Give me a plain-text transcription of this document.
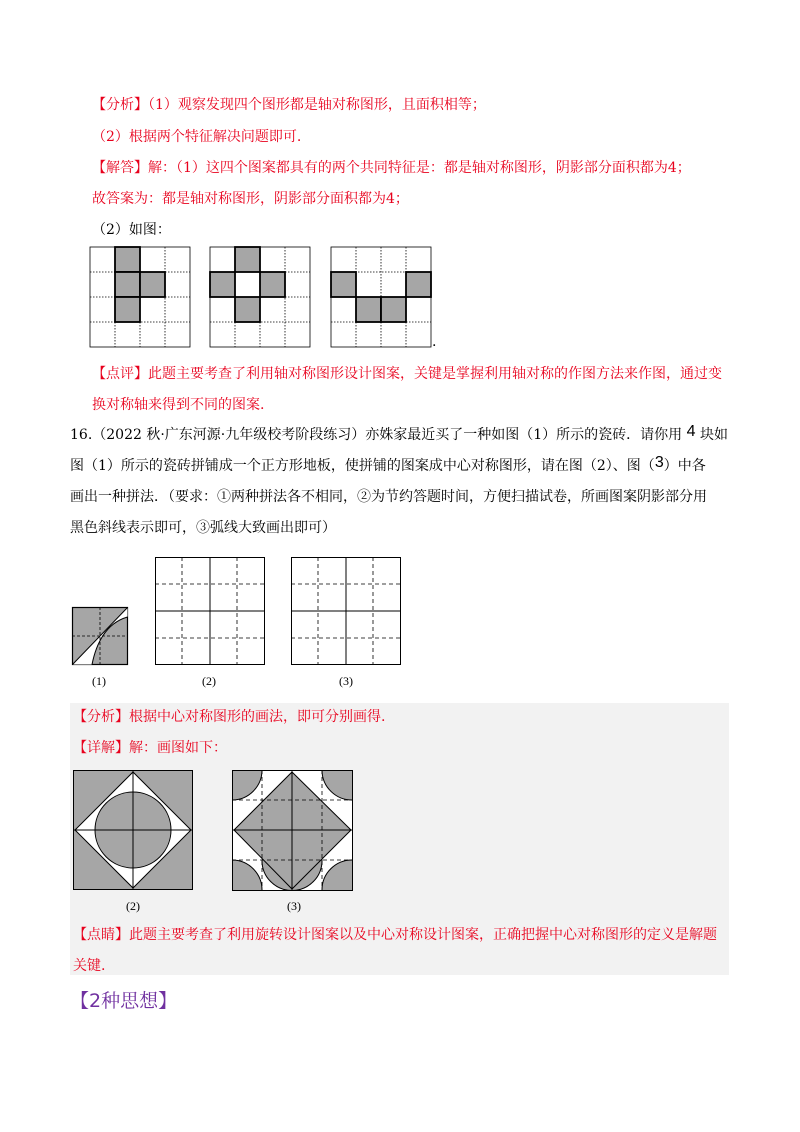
【分析】（1）观察发现四个图形都是轴对称图形，且面积相等；
（2）根据两个特征解决问题即可.
【解答】解：（1）这四个图案都具有的两个共同特征是：都是轴对称图形，阴影部分面积都为4；
故答案为：都是轴对称图形，阴影部分面积都为4；
（2）如图：
.
【点评】此题主要考查了利用轴对称图形设计图案，关键是掌握利用轴对称的作图方法来作图，通过变
换对称轴来得到不同的图案.
16.（2022 秋·广东河源·九年级校考阶段练习）亦姝家最近买了一种如图（1）所示的瓷砖．请你用 4 块如
图（1）所示的瓷砖拼铺成一个正方形地板，使拼铺的图案成中心对称图形，请在图（2）、图（3）中各
画出一种拼法．（要求：①两种拼法各不相同，②为节约答题时间，方便扫描试卷，所画图案阴影部分用
黑色斜线表示即可，③弧线大致画出即可）
(1)	(2)	(3)
【分析】根据中心对称图形的画法，即可分别画得.
【详解】解：画图如下：
(2)	(3)
【点睛】此题主要考查了利用旋转设计图案以及中心对称设计图案，正确把握中心对称图形的定义是解题
关键.
【2种思想】
